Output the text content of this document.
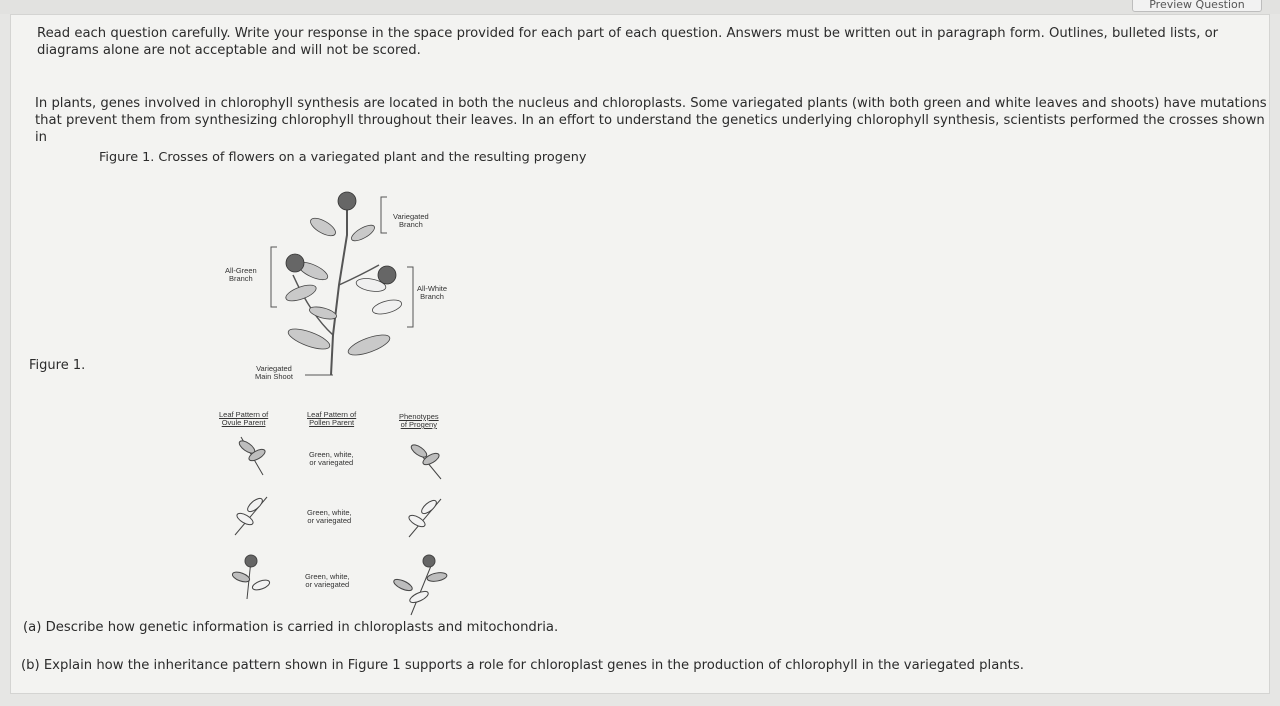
Preview Question

Read each question carefully. Write your response in the space provided for each part of each question. Answers must be written out in paragraph form. Outlines, bulleted lists, or diagrams alone are not acceptable and will not be scored.

In plants, genes involved in chlorophyll synthesis are located in both the nucleus and chloroplasts. Some variegated plants (with both green and white leaves and shoots) have mutations that prevent them from synthesizing chlorophyll throughout their leaves. In an effort to understand the genetics underlying chlorophyll synthesis, scientists performed the crosses shown in

Figure 1. Crosses of flowers on a variegated plant and the resulting progeny

Figure 1.

Variegated
Branch
All-Green
Branch
All-White
Branch
Variegated
Main Shoot
Leaf Pattern of
Ovule Parent
Leaf Pattern of
Pollen Parent
Phenotypes
of Progeny
Green, white,
or variegated
Green, white,
or variegated
Green, white,
or variegated

(a) Describe how genetic information is carried in chloroplasts and mitochondria.

(b) Explain how the inheritance pattern shown in Figure 1 supports a role for chloroplast genes in the production of chlorophyll in the variegated plants.
